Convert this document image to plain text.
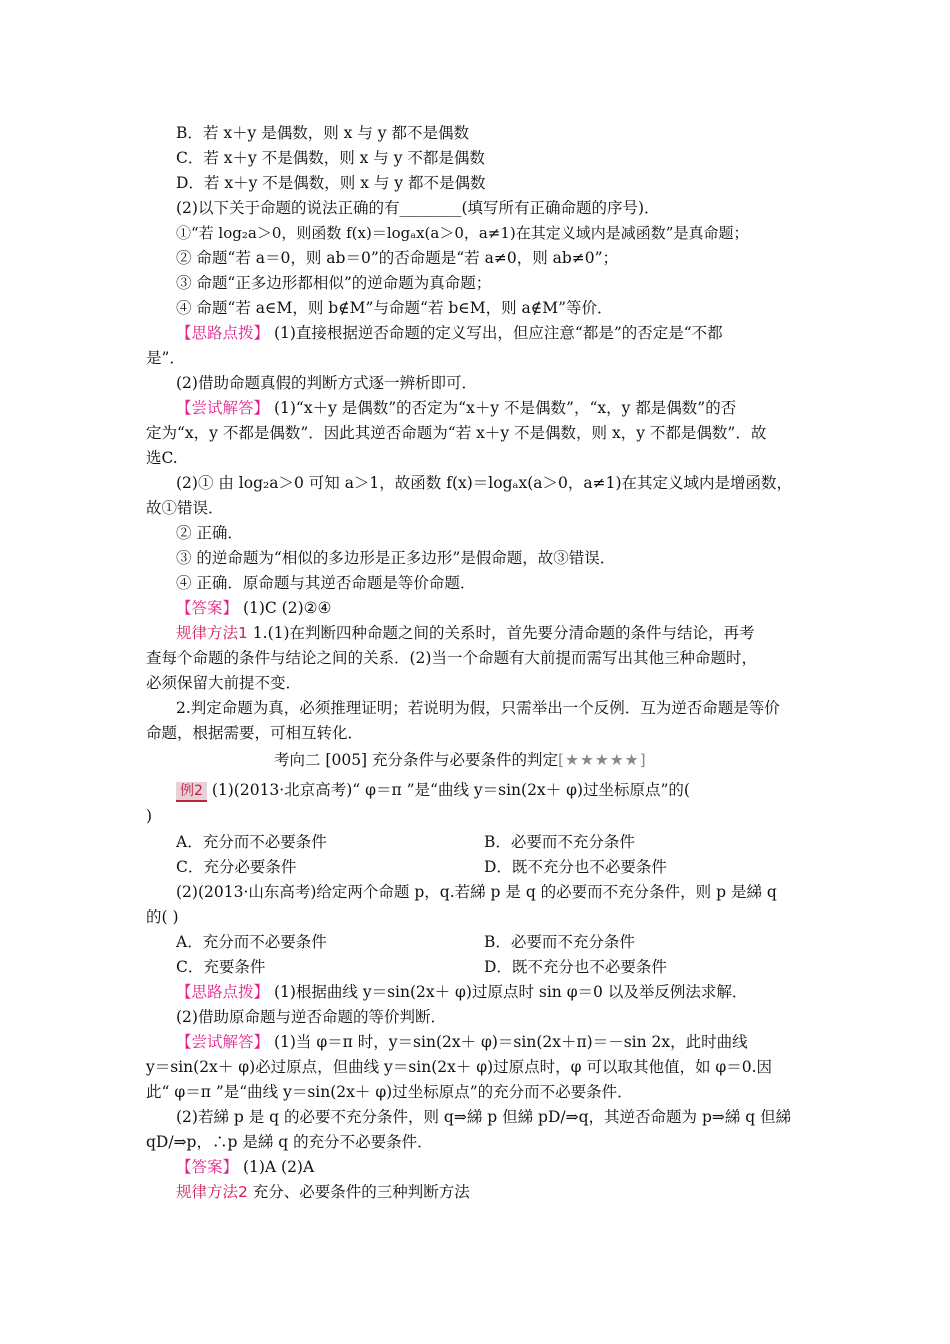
B．若 x＋y 是偶数，则 x 与 y 都不是偶数
C．若 x＋y 不是偶数，则 x 与 y 不都是偶数
D．若 x＋y 不是偶数，则 x 与 y 都不是偶数
(2)以下关于命题的说法正确的有________(填写所有正确命题的序号)．
①“若 log₂a＞0，则函数 f(x)＝logₐx(a＞0，a≠1)在其定义域内是减函数”是真命题；
② 命题“若 a＝0，则 ab＝0”的否命题是“若 a≠0，则 ab≠0”；
③ 命题“正多边形都相似”的逆命题为真命题；
④ 命题“若 a∈M，则 b∉M”与命题“若 b∈M，则 a∉M”等价．
【思路点拨】 (1)直接根据逆否命题的定义写出，但应注意“都是”的否定是“不都
是”．
(2)借助命题真假的判断方式逐一辨析即可．
【尝试解答】 (1)“x＋y 是偶数”的否定为“x＋y 不是偶数”，“x，y 都是偶数”的否
定为“x，y 不都是偶数”．因此其逆否命题为“若 x＋y 不是偶数，则 x，y 不都是偶数”．故
选C.
(2)① 由 log₂a＞0 可知 a＞1，故函数 f(x)＝logₐx(a＞0，a≠1)在其定义域内是增函数，
故①错误．
② 正确．
③ 的逆命题为“相似的多边形是正多边形”是假命题，故③错误．
④ 正确．原命题与其逆否命题是等价命题．
【答案】 (1)C (2)②④
规律方法1 1.(1)在判断四种命题之间的关系时，首先要分清命题的条件与结论，再考
查每个命题的条件与结论之间的关系．(2)当一个命题有大前提而需写出其他三种命题时，
必须保留大前提不变．
2.判定命题为真，必须推理证明；若说明为假，只需举出一个反例．互为逆否命题是等价
命题，根据需要，可相互转化．
考向二 [005] 充分条件与必要条件的判定[★★★★★]
例2 (1)(2013·北京高考)“ φ＝π ”是“曲线 y＝sin(2x＋ φ)过坐标原点”的(
)
A．充分而不必要条件	B．必要而不充分条件
C．充分必要条件	D．既不充分也不必要条件
(2)(2013·山东高考)给定两个命题 p，q.若綈 p 是 q 的必要而不充分条件，则 p 是綈 q
的( )
A．充分而不必要条件	B．必要而不充分条件
C．充要条件	D．既不充分也不必要条件
【思路点拨】 (1)根据曲线 y＝sin(2x＋ φ)过原点时 sin φ＝0 以及举反例法求解．
(2)借助原命题与逆否命题的等价判断．
【尝试解答】 (1)当 φ＝π 时，y＝sin(2x＋ φ)＝sin(2x＋π)＝－sin 2x，此时曲线
y＝sin(2x＋ φ)必过原点，但曲线 y＝sin(2x＋ φ)过原点时，φ 可以取其他值，如 φ＝0.因
此“ φ＝π ”是“曲线 y＝sin(2x＋ φ)过坐标原点”的充分而不必要条件．
(2)若綈 p 是 q 的必要不充分条件，则 q⇒綈 p 但綈 pD/⇒q，其逆否命题为 p⇒綈 q 但綈
qD/⇒p，∴p 是綈 q 的充分不必要条件．
【答案】 (1)A (2)A
规律方法2 充分、必要条件的三种判断方法
